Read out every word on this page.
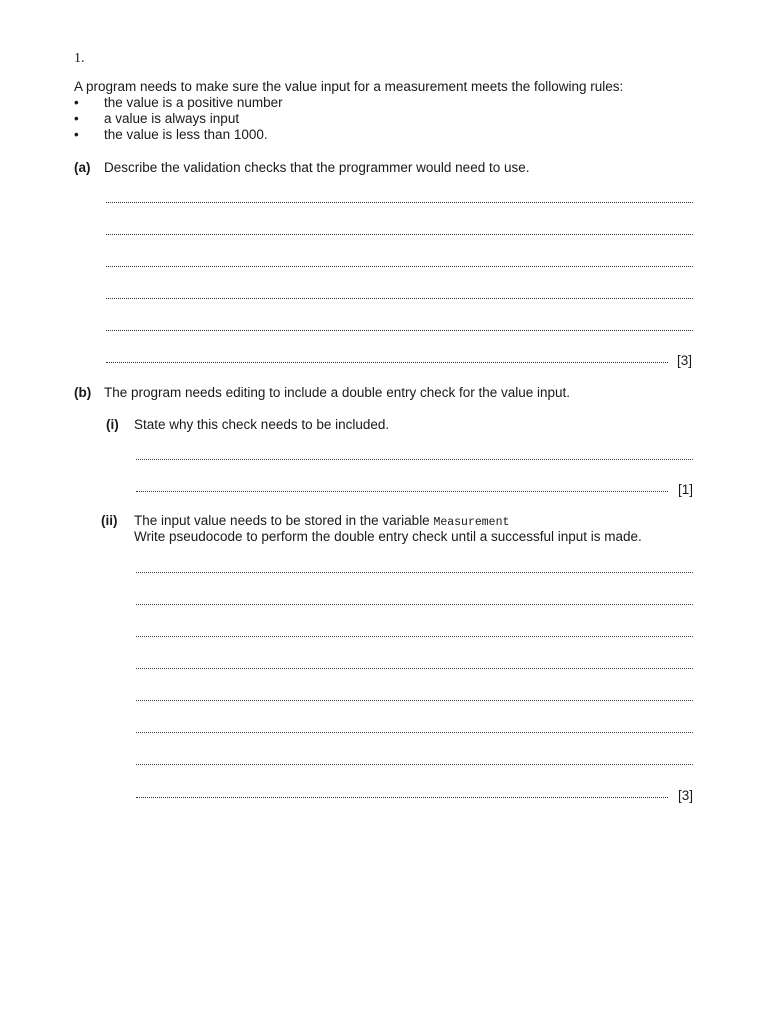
1.
A program needs to make sure the value input for a measurement meets the following rules:
• the value is a positive number
• a value is always input
• the value is less than 1000.
(a) Describe the validation checks that the programmer would need to use.
[3]
(b) The program needs editing to include a double entry check for the value input.
(i) State why this check needs to be included.
[1]
(ii) The input value needs to be stored in the variable Measurement
Write pseudocode to perform the double entry check until a successful input is made.
[3]
